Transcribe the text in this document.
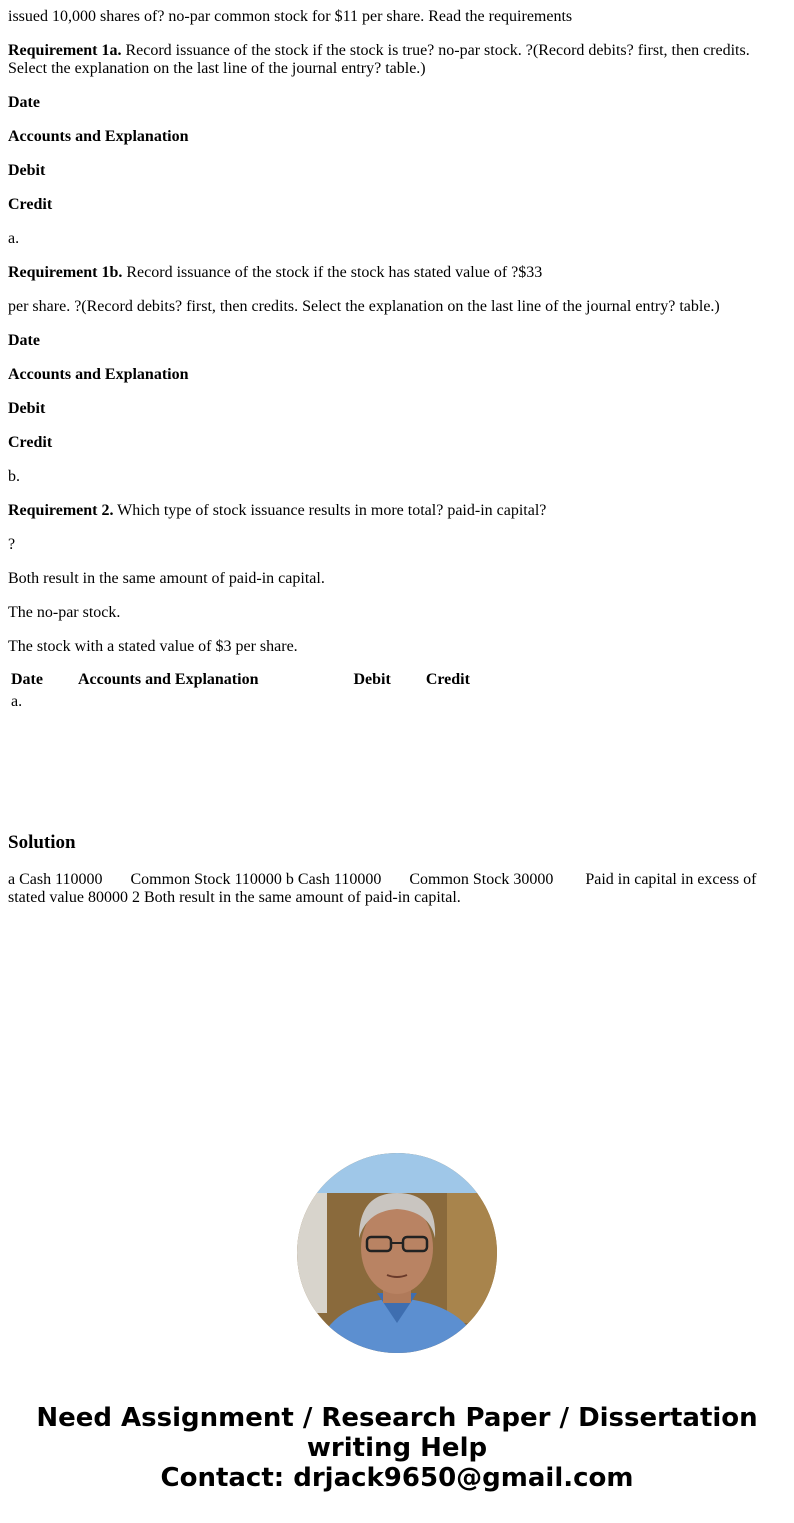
issued 10,000 shares of? no-par common stock for $11 per share. Read the requirements

Requirement 1a. Record issuance of the stock if the stock is true? no-par stock. ?(Record debits? first, then credits. Select the explanation on the last line of the journal entry? table.)

Date

Accounts and Explanation

Debit

Credit

a.

Requirement 1b. Record issuance of the stock if the stock has stated value of ?$33

per share. ?(Record debits? first, then credits. Select the explanation on the last line of the journal entry? table.)

Date

Accounts and Explanation

Debit

Credit

b.

Requirement 2. Which type of stock issuance results in more total? paid-in capital?

?

Both result in the same amount of paid-in capital.

The no-par stock.

The stock with a stated value of $3 per share.

Date	Accounts and Explanation	Debit	Credit
a.			
Solution

a Cash 110000       Common Stock 110000 b Cash 110000       Common Stock 30000        Paid in capital in excess of stated value 80000 2 Both result in the same amount of paid-in capital.

Need Assignment / Research Paper / Dissertation
writing Help
Contact: drjack9650@gmail.com
